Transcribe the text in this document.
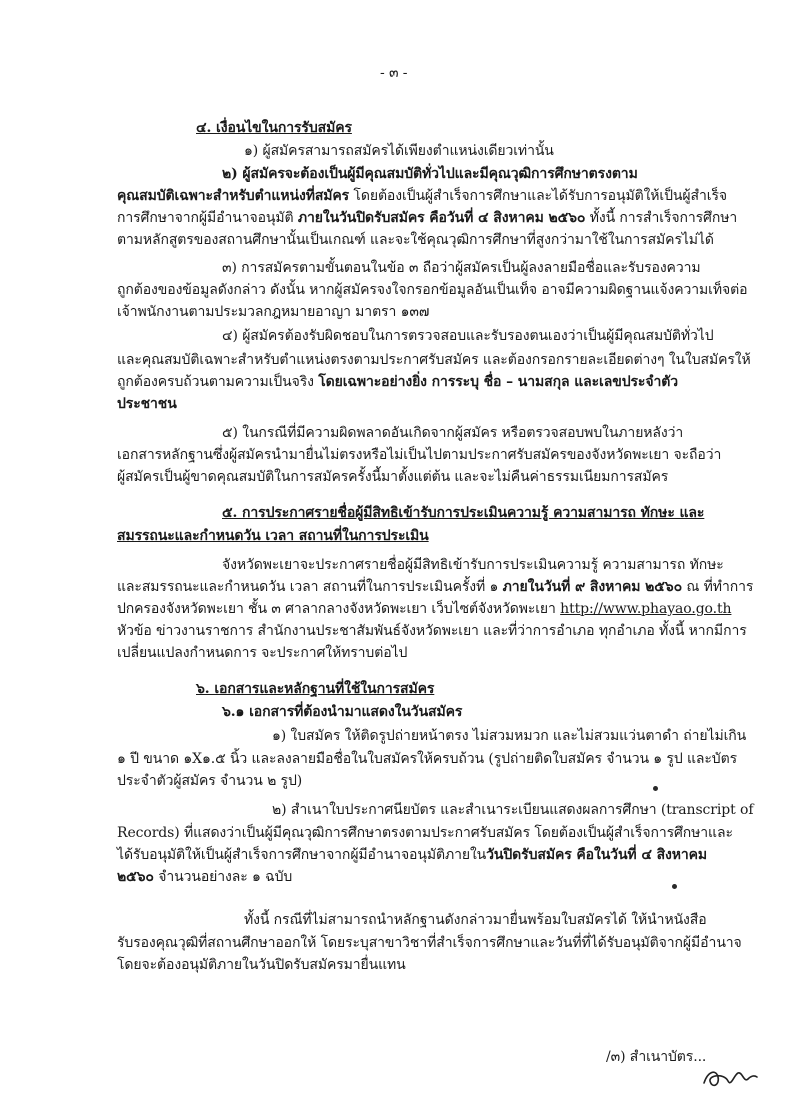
- ๓ -
๔. เงื่อนไขในการรับสมัคร
๑) ผู้สมัครสามารถสมัครได้เพียงตำแหน่งเดียวเท่านั้น
๒) ผู้สมัครจะต้องเป็นผู้มีคุณสมบัติทั่วไปและมีคุณวุฒิการศึกษาตรงตาม
คุณสมบัติเฉพาะสำหรับตำแหน่งที่สมัคร โดยต้องเป็นผู้สำเร็จการศึกษาและได้รับการอนุมัติให้เป็นผู้สำเร็จ
การศึกษาจากผู้มีอำนาจอนุมัติ ภายในวันปิดรับสมัคร คือวันที่ ๔ สิงหาคม ๒๕๖๐ ทั้งนี้ การสำเร็จการศึกษา
ตามหลักสูตรของสถานศึกษานั้นเป็นเกณฑ์ และจะใช้คุณวุฒิการศึกษาที่สูงกว่ามาใช้ในการสมัครไม่ได้
๓) การสมัครตามขั้นตอนในข้อ ๓ ถือว่าผู้สมัครเป็นผู้ลงลายมือชื่อและรับรองความ
ถูกต้องของข้อมูลดังกล่าว ดังนั้น หากผู้สมัครจงใจกรอกข้อมูลอันเป็นเท็จ อาจมีความผิดฐานแจ้งความเท็จต่อ
เจ้าพนักงานตามประมวลกฎหมายอาญา มาตรา ๑๓๗
๔) ผู้สมัครต้องรับผิดชอบในการตรวจสอบและรับรองตนเองว่าเป็นผู้มีคุณสมบัติทั่วไป
และคุณสมบัติเฉพาะสำหรับตำแหน่งตรงตามประกาศรับสมัคร และต้องกรอกรายละเอียดต่างๆ ในใบสมัครให้
ถูกต้องครบถ้วนตามความเป็นจริง โดยเฉพาะอย่างยิ่ง การระบุ ชื่อ – นามสกุล และเลขประจำตัว
ประชาชน
๕) ในกรณีที่มีความผิดพลาดอันเกิดจากผู้สมัคร หรือตรวจสอบพบในภายหลังว่า
เอกสารหลักฐานซึ่งผู้สมัครนำมายื่นไม่ตรงหรือไม่เป็นไปตามประกาศรับสมัครของจังหวัดพะเยา จะถือว่า
ผู้สมัครเป็นผู้ขาดคุณสมบัติในการสมัครครั้งนี้มาตั้งแต่ต้น และจะไม่คืนค่าธรรมเนียมการสมัคร
๕. การประกาศรายชื่อผู้มีสิทธิเข้ารับการประเมินความรู้ ความสามารถ ทักษะ และ
สมรรถนะและกำหนดวัน เวลา สถานที่ในการประเมิน
จังหวัดพะเยาจะประกาศรายชื่อผู้มีสิทธิเข้ารับการประเมินความรู้ ความสามารถ ทักษะ
และสมรรถนะและกำหนดวัน เวลา สถานที่ในการประเมินครั้งที่ ๑ ภายในวันที่ ๙ สิงหาคม ๒๕๖๐ ณ ที่ทำการ
ปกครองจังหวัดพะเยา ชั้น ๓ ศาลากลางจังหวัดพะเยา เว็บไซต์จังหวัดพะเยา http://www.phayao.go.th
หัวข้อ ข่าวงานราชการ สำนักงานประชาสัมพันธ์จังหวัดพะเยา และที่ว่าการอำเภอ ทุกอำเภอ ทั้งนี้ หากมีการ
เปลี่ยนแปลงกำหนดการ จะประกาศให้ทราบต่อไป
๖. เอกสารและหลักฐานที่ใช้ในการสมัคร
๖.๑ เอกสารที่ต้องนำมาแสดงในวันสมัคร
๑) ใบสมัคร ให้ติดรูปถ่ายหน้าตรง ไม่สวมหมวก และไม่สวมแว่นตาดำ ถ่ายไม่เกิน
๑ ปี ขนาด ๑X๑.๕ นิ้ว และลงลายมือชื่อในใบสมัครให้ครบถ้วน (รูปถ่ายติดใบสมัคร จำนวน ๑ รูป และบัตร
ประจำตัวผู้สมัคร จำนวน ๒ รูป)
๒) สำเนาใบประกาศนียบัตร และสำเนาระเบียนแสดงผลการศึกษา (transcript of
Records) ที่แสดงว่าเป็นผู้มีคุณวุฒิการศึกษาตรงตามประกาศรับสมัคร โดยต้องเป็นผู้สำเร็จการศึกษาและ
ได้รับอนุมัติให้เป็นผู้สำเร็จการศึกษาจากผู้มีอำนาจอนุมัติภายในวันปิดรับสมัคร คือในวันที่ ๔ สิงหาคม
๒๕๖๐ จำนวนอย่างละ ๑ ฉบับ
ทั้งนี้ กรณีที่ไม่สามารถนำหลักฐานดังกล่าวมายื่นพร้อมใบสมัครได้ ให้นำหนังสือ
รับรองคุณวุฒิที่สถานศึกษาออกให้ โดยระบุสาขาวิชาที่สำเร็จการศึกษาและวันที่ที่ได้รับอนุมัติจากผู้มีอำนาจ
โดยจะต้องอนุมัติภายในวันปิดรับสมัครมายื่นแทน
/๓) สำเนาบัตร...
